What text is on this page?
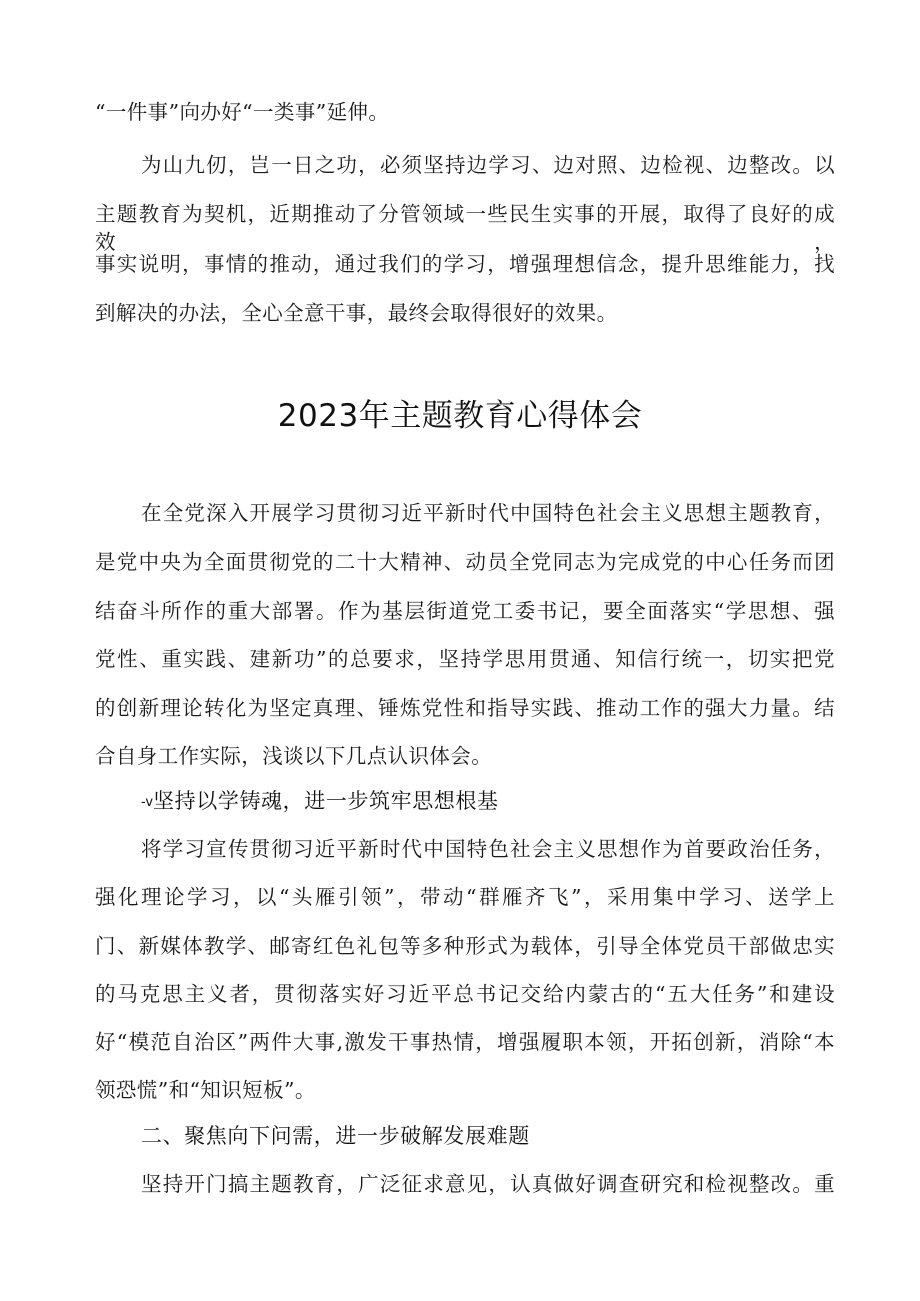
“一件事”向办好“一类事”延伸。
为山九仞，岂一日之功，必须坚持边学习、边对照、边检视、边整改。以
主题教育为契机，近期推动了分管领域一些民生实事的开展，取得了良好的成效，
事实说明，事情的推动，通过我们的学习，增强理想信念，提升思维能力，找
到解决的办法，全心全意干事，最终会取得很好的效果。
2023年主题教育心得体会
在全党深入开展学习贯彻习近平新时代中国特色社会主义思想主题教育，
是党中央为全面贯彻党的二十大精神、动员全党同志为完成党的中心任务而团
结奋斗所作的重大部署。作为基层街道党工委书记，要全面落实“学思想、强
党性、重实践、建新功”的总要求，坚持学思用贯通、知信行统一，切实把党
的创新理论转化为坚定真理、锤炼党性和指导实践、推动工作的强大力量。结
合自身工作实际，浅谈以下几点认识体会。
-v坚持以学铸魂，进一步筑牢思想根基
将学习宣传贯彻习近平新时代中国特色社会主义思想作为首要政治任务，
强化理论学习，以“头雁引领”，带动“群雁齐飞”，采用集中学习、送学上
门、新媒体教学、邮寄红色礼包等多种形式为载体，引导全体党员干部做忠实
的马克思主义者，贯彻落实好习近平总书记交给内蒙古的“五大任务”和建设
好“模范自治区”两件大事,激发干事热情，增强履职本领，开拓创新，消除“本
领恐慌”和“知识短板”。
二、聚焦向下问需，进一步破解发展难题
坚持开门搞主题教育，广泛征求意见，认真做好调查研究和检视整改。重
